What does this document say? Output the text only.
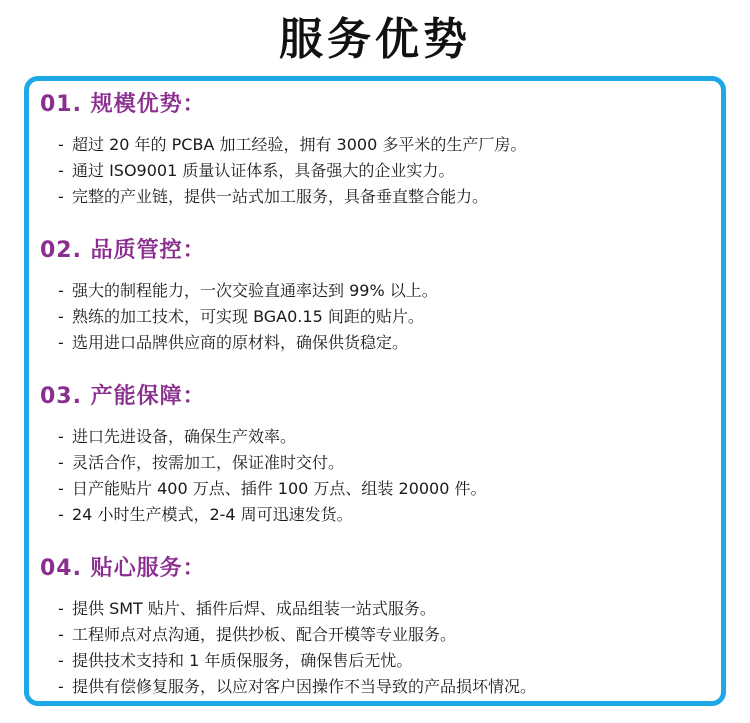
服务优势
01. 规模优势：
- 超过 20 年的 PCBA 加工经验，拥有 3000 多平米的生产厂房。
- 通过 ISO9001 质量认证体系，具备强大的企业实力。
- 完整的产业链，提供一站式加工服务，具备垂直整合能力。
02. 品质管控：
- 强大的制程能力，一次交验直通率达到 99% 以上。
- 熟练的加工技术，可实现 BGA0.15 间距的贴片。
- 选用进口品牌供应商的原材料，确保供货稳定。
03. 产能保障：
- 进口先进设备，确保生产效率。
- 灵活合作，按需加工，保证准时交付。
- 日产能贴片 400 万点、插件 100 万点、组装 20000 件。
- 24 小时生产模式，2-4 周可迅速发货。
04. 贴心服务：
- 提供 SMT 贴片、插件后焊、成品组装一站式服务。
- 工程师点对点沟通，提供抄板、配合开模等专业服务。
- 提供技术支持和 1 年质保服务，确保售后无忧。
- 提供有偿修复服务，以应对客户因操作不当导致的产品损坏情况。
